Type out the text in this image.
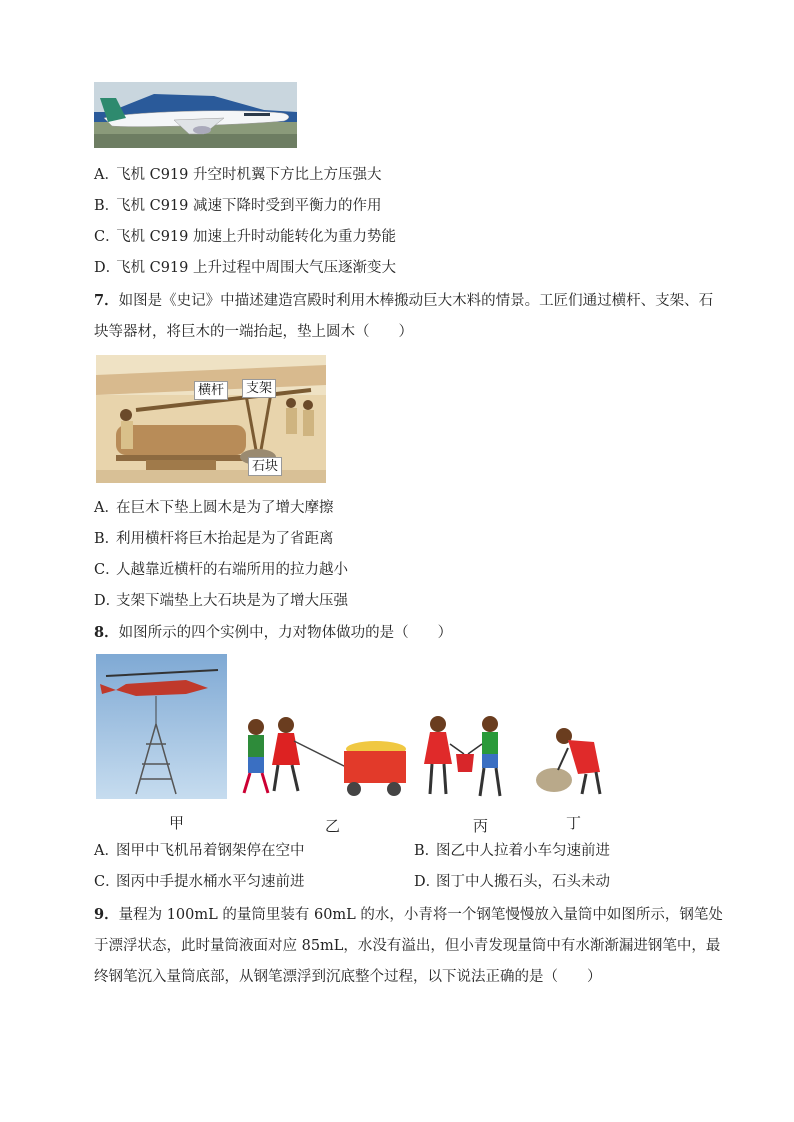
A．飞机 C919 升空时机翼下方比上方压强大
B．飞机 C919 减速下降时受到平衡力的作用
C．飞机 C919 加速上升时动能转化为重力势能
D．飞机 C919 上升过程中周围大气压逐渐变大
7．如图是《史记》中描述建造宫殿时利用木棒搬动巨大木料的情景。工匠们通过横杆、支架、石块等器材，将巨木的一端抬起，垫上圆木（　　）
横杆	支架
石块
A．在巨木下垫上圆木是为了增大摩擦
B．利用横杆将巨木抬起是为了省距离
C．人越靠近横杆的右端所用的拉力越小
D．支架下端垫上大石块是为了增大压强
8．如图所示的四个实例中，力对物体做功的是（　　）
甲	乙	丙	丁
A．图甲中飞机吊着钢架停在空中	B．图乙中人拉着小车匀速前进
C．图丙中手提水桶水平匀速前进	D．图丁中人搬石头，石头未动
9．量程为 100mL 的量筒里装有 60mL 的水，小青将一个钢笔慢慢放入量筒中如图所示，钢笔处于漂浮状态，此时量筒液面对应 85mL，水没有溢出，但小青发现量筒中有水渐渐漏进钢笔中，最终钢笔沉入量筒底部，从钢笔漂浮到沉底整个过程，以下说法正确的是（　　）
